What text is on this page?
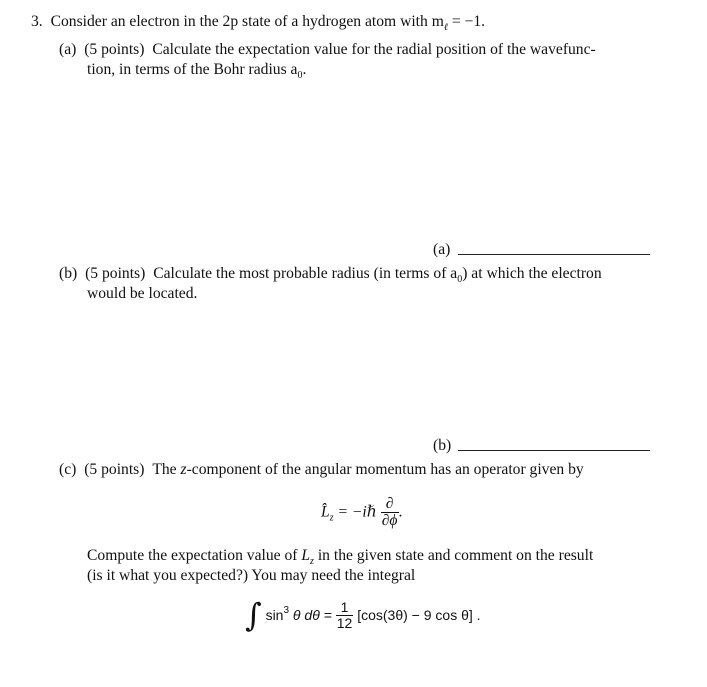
3. Consider an electron in the 2p state of a hydrogen atom with $m_\ell = -1$.
(a) (5 points) Calculate the expectation value for the radial position of the wavefunc-
tion, in terms of the Bohr radius $a_0$.
(a)
(b) (5 points) Calculate the most probable radius (in terms of $a_0$) at which the electron
would be located.
(b)
(c) (5 points) The z-component of the angular momentum has an operator given by
$L̂_z$ = −iℏ $\frac{\partial}{\partial\phi}$ .
Compute the expectation value of $L_z$ in the given state and comment on the result
(is it what you expected?) You may need the integral
∫ $\sin^3 \theta$ $d\theta = \frac{1}{12} [\cos(3\theta) - 9$ cos θ] .
